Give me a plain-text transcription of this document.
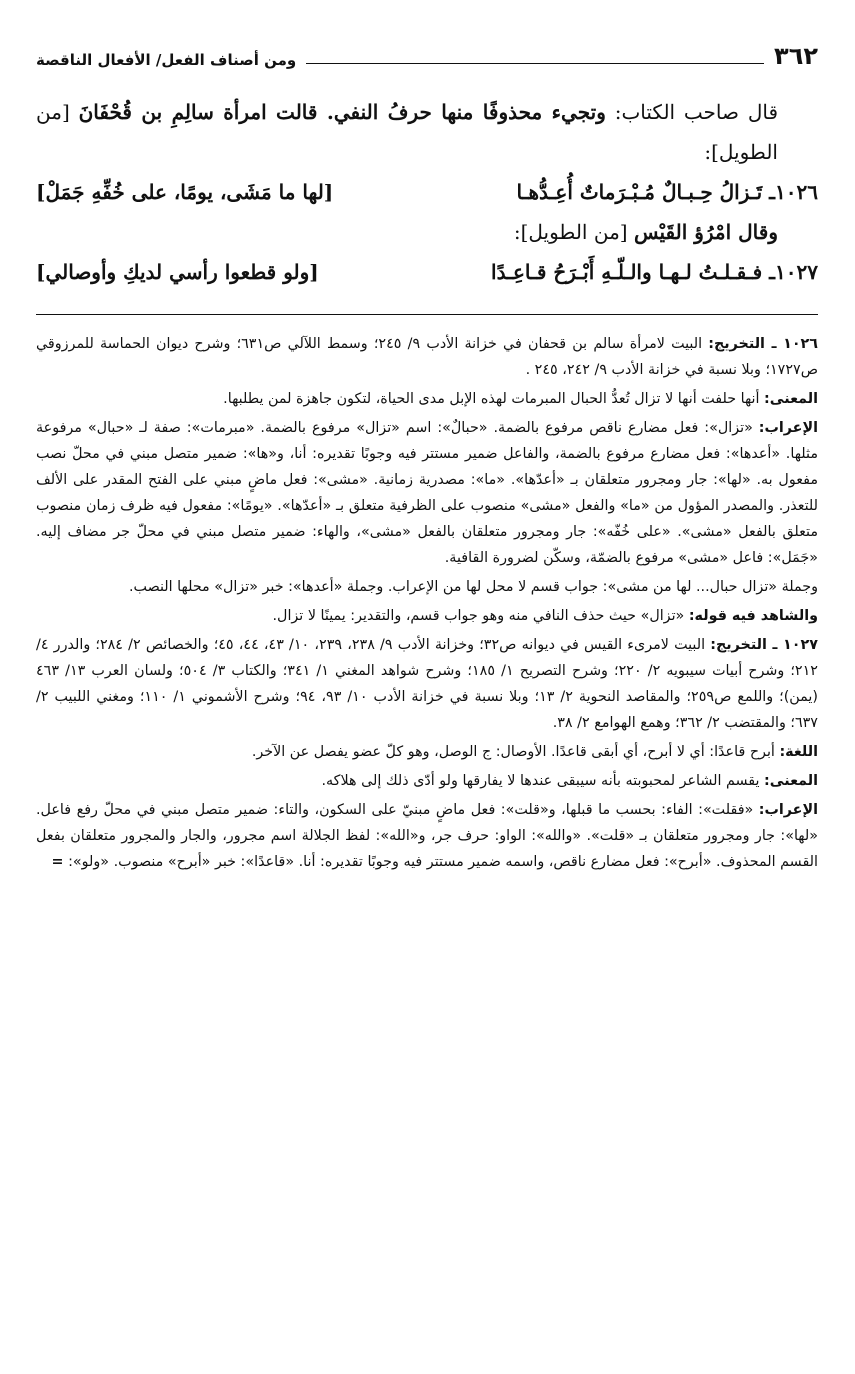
٣٦٢
ومن أصناف الفعل/ الأفعال الناقصة

قال صاحب الكتاب: وتجيء محذوفًا منها حرفُ النفي. قالت امرأة سالِمِ بن قُحْفَانَ [من الطويل]:

١٠٢٦ـ تَـزالُ حِـبـالٌ مُـبْـرَماتٌ أُعِـدُّهـا
[لها ما مَشَى، يومًا، على خُفِّهِ جَمَلْ]

وقال امْرُؤ القَيْس [من الطويل]:

١٠٢٧ـ فـقـلـتُ لـهـا والـلّـهِ أَبْـرَحُ قـاعِـدًا
[ولو قطعوا رأسي لديكِ وأوصالي]

١٠٢٦ ـ التخريج: البيت لامرأة سالم بن قحفان في خزانة الأدب ٩/ ٢٤٥؛ وسمط اللآلي ص٦٣١؛ وشرح ديوان الحماسة للمرزوقي ص١٧٢٧؛ وبلا نسبة في خزانة الأدب ٩/ ٢٤٢، ٢٤٥ .

المعنى: أنها حلفت أنها لا تزال تُعدُّ الحبال المبرمات لهذه الإبل مدى الحياة، لتكون جاهزة لمن يطلبها.

الإعراب: «تزال»: فعل مضارع ناقص مرفوع بالضمة. «حبالٌ»: اسم «تزال» مرفوع بالضمة. «مبرمات»: صفة لـ «حبال» مرفوعة مثلها. «أعدها»: فعل مضارع مرفوع بالضمة، والفاعل ضمير مستتر فيه وجوبًا تقديره: أنا، و«ها»: ضمير متصل مبني في محلّ نصب مفعول به. «لها»: جار ومجرور متعلقان بـ «أعدّها». «ما»: مصدرية زمانية. «مشى»: فعل ماضٍ مبني على الفتح المقدر على الألف للتعذر. والمصدر المؤول من «ما» والفعل «مشى» منصوب على الظرفية متعلق بـ «أعدّها». «يومًا»: مفعول فيه ظرف زمان منصوب متعلق بالفعل «مشى». «على خُفّه»: جار ومجرور متعلقان بالفعل «مشى»، والهاء: ضمير متصل مبني في محلّ جر مضاف إليه. «جَمَل»: فاعل «مشى» مرفوع بالضمّة، وسكّن لضرورة القافية.

وجملة «تزال حبال... لها من مشى»: جواب قسم لا محل لها من الإعراب. وجملة «أعدها»: خبر «تزال» محلها النصب.

والشاهد فيه قوله: «تزال» حيث حذف النافي منه وهو جواب قسم، والتقدير: يمينًا لا تزال.

١٠٢٧ ـ التخريج: البيت لامرىء القيس في ديوانه ص٣٢؛ وخزانة الأدب ٩/ ٢٣٨، ٢٣٩، ١٠/ ٤٣، ٤٤، ٤٥؛ والخصائص ٢/ ٢٨٤؛ والدرر ٤/ ٢١٢؛ وشرح أبيات سيبويه ٢/ ٢٢٠؛ وشرح التصريح ١/ ١٨٥؛ وشرح شواهد المغني ١/ ٣٤١؛ والكتاب ٣/ ٥٠٤؛ ولسان العرب ١٣/ ٤٦٣ (يمن)؛ واللمع ص٢٥٩؛ والمقاصد النحوية ٢/ ١٣؛ وبلا نسبة في خزانة الأدب ١٠/ ٩٣، ٩٤؛ وشرح الأشموني ١/ ١١٠؛ ومغني اللبيب ٢/ ٦٣٧؛ والمقتضب ٢/ ٣٦٢؛ وهمع الهوامع ٢/ ٣٨.

اللغة: أبرح قاعدًا: أي لا أبرح، أي أبقى قاعدًا. الأوصال: ج الوصل، وهو كلّ عضو يفصل عن الآخر.

المعنى: يقسم الشاعر لمحبوبته بأنه سيبقى عندها لا يفارقها ولو أدّى ذلك إلى هلاكه.

الإعراب: «فقلت»: الفاء: بحسب ما قبلها، و«قلت»: فعل ماضٍ مبنيّ على السكون، والتاء: ضمير متصل مبني في محلّ رفع فاعل. «لها»: جار ومجرور متعلقان بـ «قلت». «والله»: الواو: حرف جر، و«الله»: لفظ الجلالة اسم مجرور، والجار والمجرور متعلقان بفعل القسم المحذوف. «أبرح»: فعل مضارع ناقص، واسمه ضمير مستتر فيه وجوبًا تقديره: أنا. «قاعدًا»: خبر «أبرح» منصوب. «ولو»: =
